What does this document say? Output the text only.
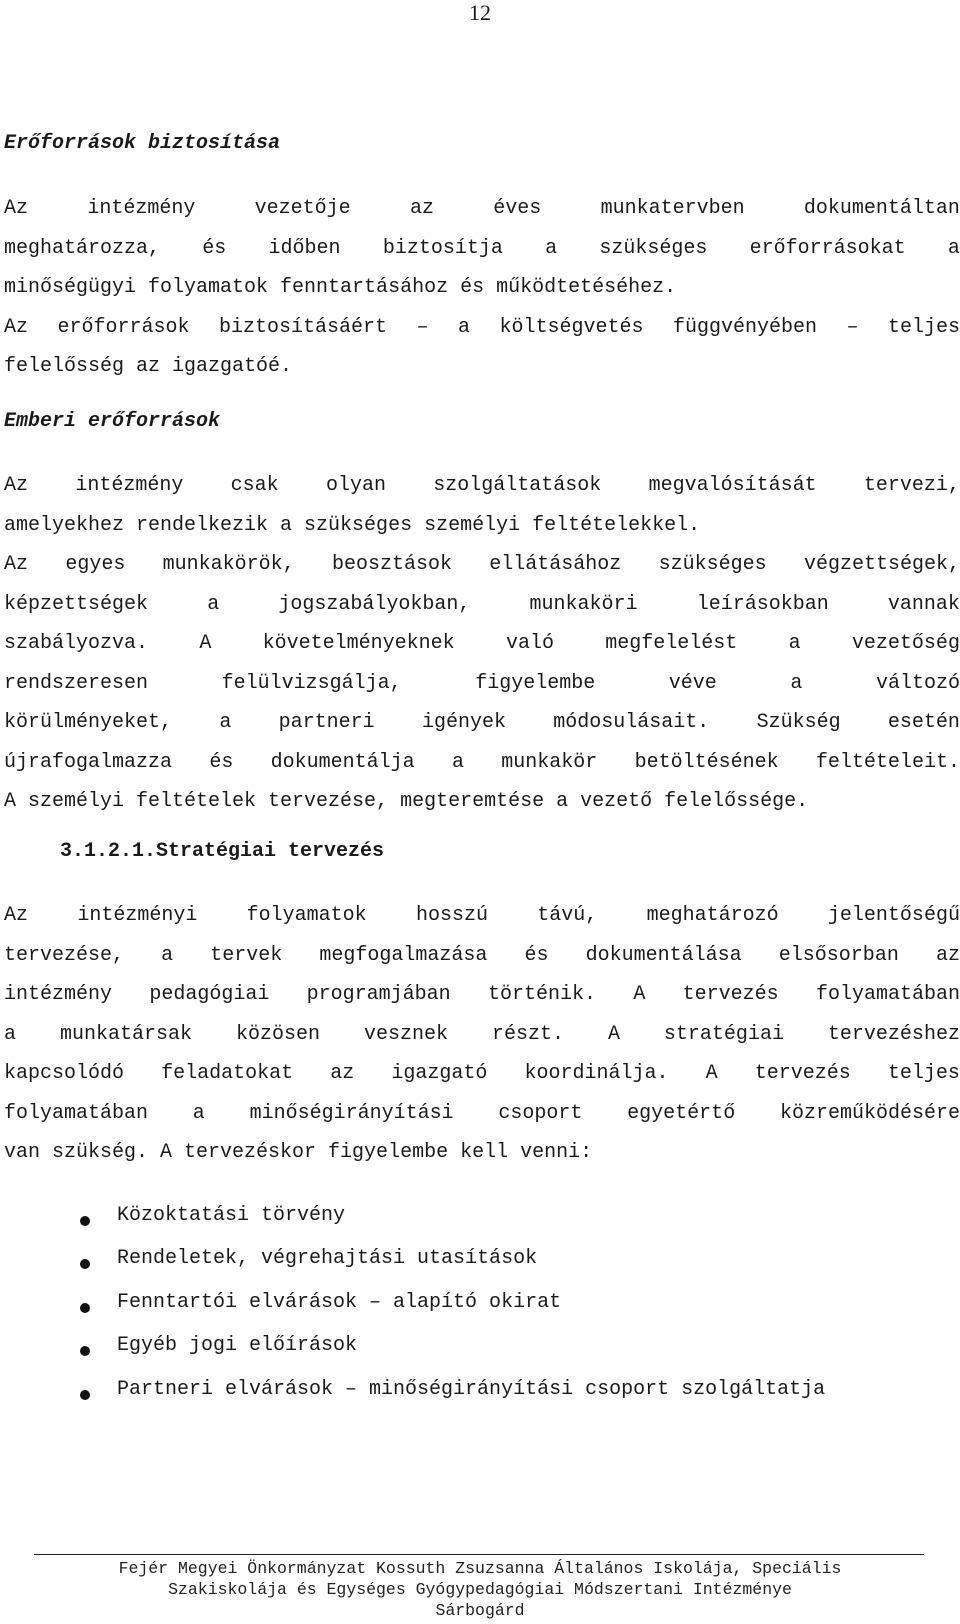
12
Erőforrások biztosítása
Az	intézmény	vezetője	az	éves	munkatervben	dokumentáltan
meghatározza, és időben biztosítja a szükséges erőforrásokat a
minőségügyi folyamatok fenntartásához és működtetéséhez.
Az erőforrások biztosításáért – a költségvetés függvényében – teljes
felelősség az igazgatóé.
Emberi erőforrások
Az intézmény csak olyan szolgáltatások megvalósítását tervezi,
amelyekhez rendelkezik a szükséges személyi feltételekkel.
Az egyes munkakörök, beosztások ellátásához szükséges végzettségek,
képzettségek	a	jogszabályokban,	munkaköri	leírásokban	vannak
szabályozva.	A	követelményeknek	való	megfelelést	a	vezetőség
rendszeresen	felülvizsgálja,	figyelembe	véve	a	változó
körülményeket, a partneri igények módosulásait. Szükség esetén
újrafogalmazza és dokumentálja a munkakör betöltésének feltételeit.
A személyi feltételek tervezése, megteremtése a vezető felelőssége.
3.1.2.1.Stratégiai tervezés
Az intézményi folyamatok hosszú távú, meghatározó jelentőségű
tervezése, a tervek megfogalmazása és dokumentálása elsősorban az
intézmény pedagógiai programjában történik. A tervezés folyamatában
a munkatársak közösen vesznek részt. A stratégiai tervezéshez
kapcsolódó feladatokat az igazgató koordinálja. A tervezés teljes
folyamatában a minőségirányítási csoport egyetértő közreműködésére
van szükség. A tervezéskor figyelembe kell venni:
Közoktatási törvény
Rendeletek, végrehajtási utasítások
Fenntartói elvárások – alapító okirat
Egyéb jogi előírások
Partneri elvárások – minőségirányítási csoport szolgáltatja
Fejér Megyei Önkormányzat Kossuth Zsuzsanna Általános Iskolája, Speciális
Szakiskolája és Egységes Gyógypedagógiai Módszertani Intézménye
Sárbogárd
